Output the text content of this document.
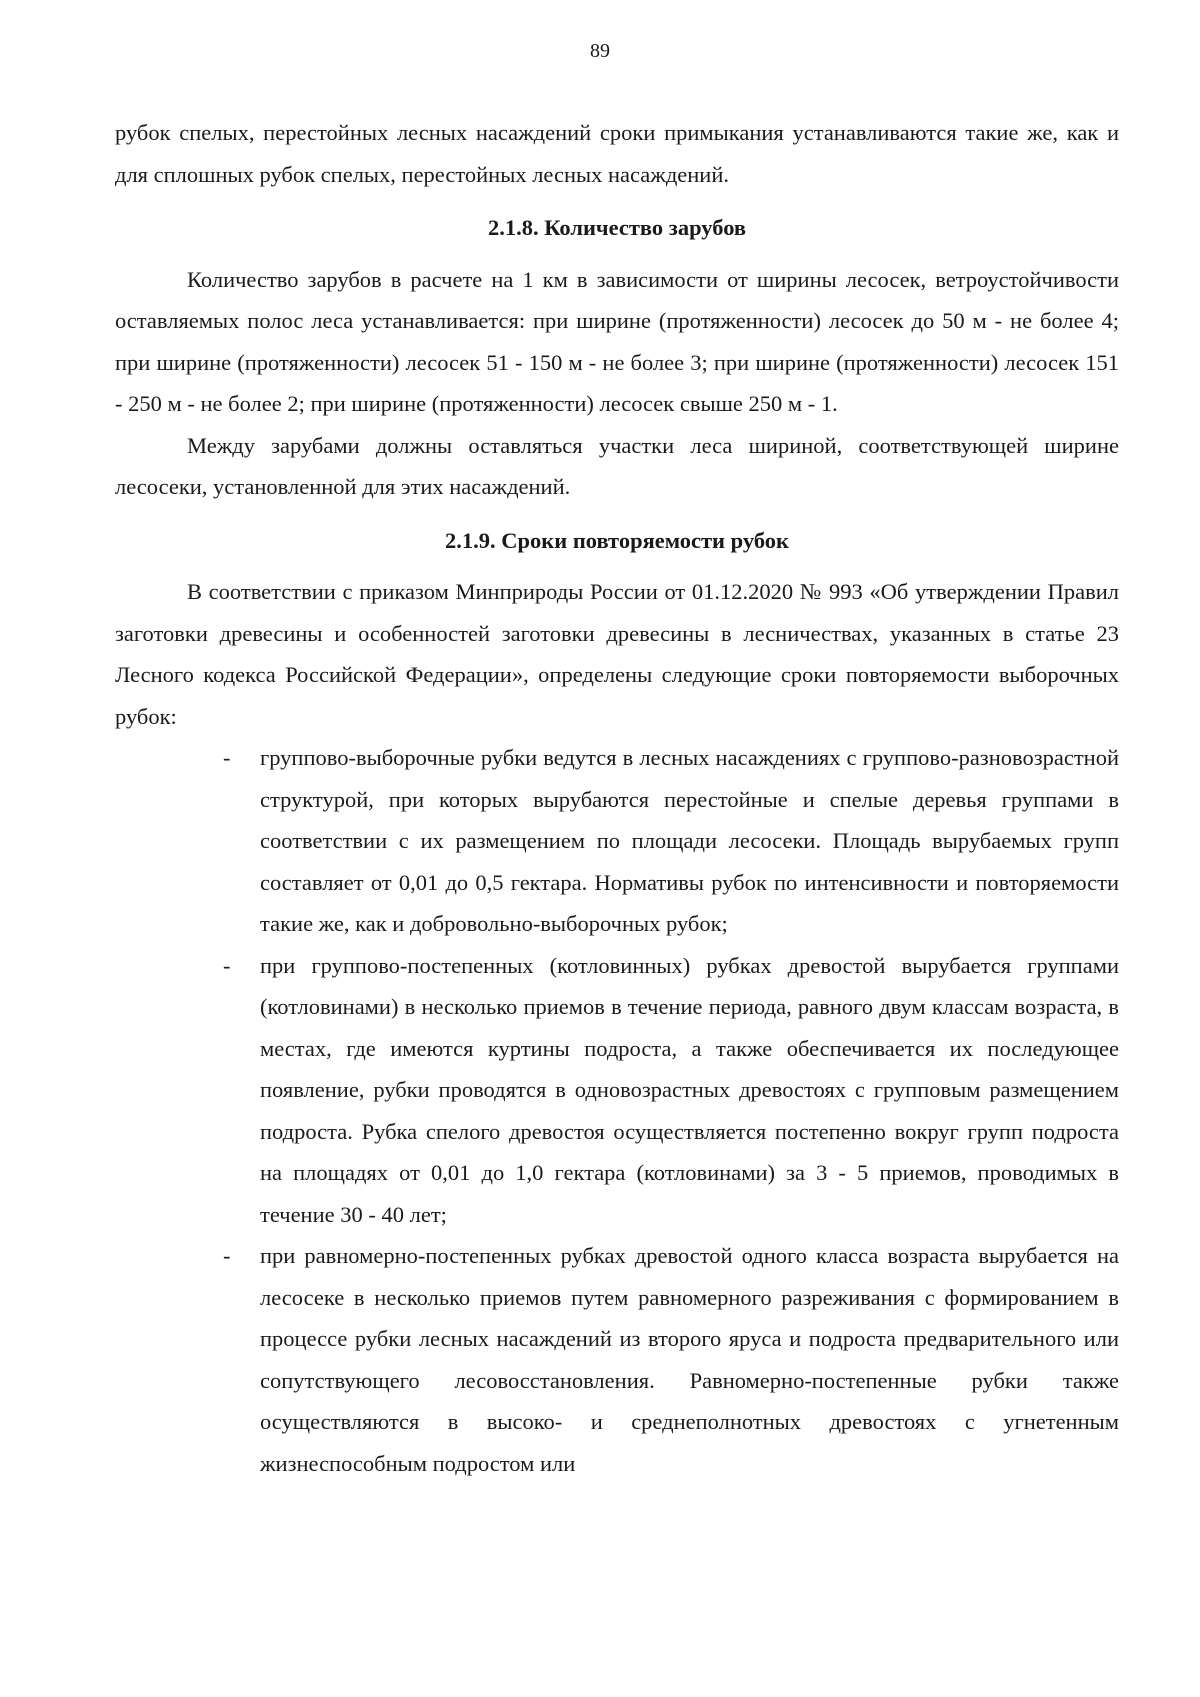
89

рубок спелых, перестойных лесных насаждений сроки примыкания устанавливаются такие же, как и для сплошных рубок спелых, перестойных лесных насаждений.

2.1.8. Количество зарубов

Количество зарубов в расчете на 1 км в зависимости от ширины лесосек, ветроустойчивости оставляемых полос леса устанавливается: при ширине (протяженности) лесосек до 50 м - не более 4; при ширине (протяженности) лесосек 51 - 150 м - не более 3; при ширине (протяженности) лесосек 151 - 250 м - не более 2; при ширине (протяженности) лесосек свыше 250 м - 1.

Между зарубами должны оставляться участки леса шириной, соответствующей ширине лесосеки, установленной для этих насаждений.

2.1.9. Сроки повторяемости рубок

В соответствии с приказом Минприроды России от 01.12.2020 № 993 «Об утверждении Правил заготовки древесины и особенностей заготовки древесины в лесничествах, указанных в статье 23 Лесного кодекса Российской Федерации», определены следующие сроки повторяемости выборочных рубок:

- группово-выборочные рубки ведутся в лесных насаждениях с группово-разновозрастной структурой, при которых вырубаются перестойные и спелые деревья группами в соответствии с их размещением по площади лесосеки. Площадь вырубаемых групп составляет от 0,01 до 0,5 гектара. Нормативы рубок по интенсивности и повторяемости такие же, как и добровольно-выборочных рубок;

- при группово-постепенных (котловинных) рубках древостой вырубается группами (котловинами) в несколько приемов в течение периода, равного двум классам возраста, в местах, где имеются куртины подроста, а также обеспечивается их последующее появление, рубки проводятся в одновозрастных древостоях с групповым размещением подроста. Рубка спелого древостоя осуществляется постепенно вокруг групп подроста на площадях от 0,01 до 1,0 гектара (котловинами) за 3 - 5 приемов, проводимых в течение 30 - 40 лет;

- при равномерно-постепенных рубках древостой одного класса возраста вырубается на лесосеке в несколько приемов путем равномерного разреживания с формированием в процессе рубки лесных насаждений из второго яруса и подроста предварительного или сопутствующего лесовосстановления. Равномерно-постепенные рубки также осуществляются в высоко- и среднеполнотных древостоях с угнетенным жизнеспособным подростом или
